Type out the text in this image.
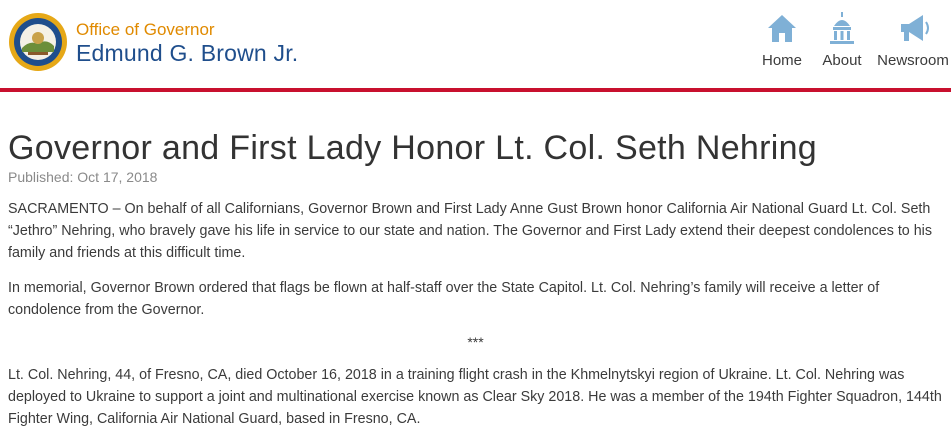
Office of Governor
Edmund G. Brown Jr.	Home About Newsroom
Governor and First Lady Honor Lt. Col. Seth Nehring
Published: Oct 17, 2018

SACRAMENTO – On behalf of all Californians, Governor Brown and First Lady Anne Gust Brown honor California Air National Guard Lt. Col. Seth “Jethro” Nehring, who bravely gave his life in service to our state and nation. The Governor and First Lady extend their deepest condolences to his family and friends at this difficult time.

In memorial, Governor Brown ordered that flags be flown at half-staff over the State Capitol. Lt. Col. Nehring’s family will receive a letter of condolence from the Governor.

***

Lt. Col. Nehring, 44, of Fresno, CA, died October 16, 2018 in a training flight crash in the Khmelnytskyi region of Ukraine. Lt. Col. Nehring was deployed to Ukraine to support a joint and multinational exercise known as Clear Sky 2018. He was a member of the 194th Fighter Squadron, 144th Fighter Wing, California Air National Guard, based in Fresno, CA.
